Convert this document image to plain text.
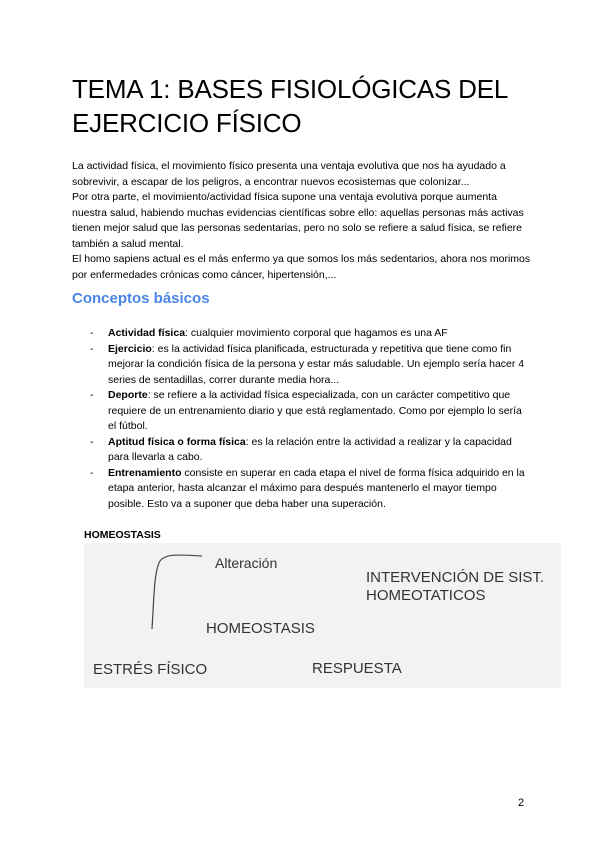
TEMA 1: BASES FISIOLÓGICAS DEL EJERCICIO FÍSICO

La actividad física, el movimiento físico presenta una ventaja evolutiva que nos ha ayudado a sobrevivir, a escapar de los peligros, a encontrar nuevos ecosistemas que colonizar...

Por otra parte, el movimiento/actividad física supone una ventaja evolutiva porque aumenta nuestra salud, habiendo muchas evidencias científicas sobre ello: aquellas personas más activas tienen mejor salud que las personas sedentarias, pero no solo se refiere a salud física, se refiere también a salud mental.

El homo sapiens actual es el más enfermo ya que somos los más sedentarios, ahora nos morimos por enfermedades crónicas como cáncer, hipertensión,...

Conceptos básicos
- Actividad física: cualquier movimiento corporal que hagamos es una AF
- Ejercicio: es la actividad física planificada, estructurada y repetitiva que tiene como fin mejorar la condición física de la persona y estar más saludable. Un ejemplo sería hacer 4 series de sentadillas, correr durante media hora...
- Deporte: se refiere a la actividad física especializada, con un carácter competitivo que requiere de un entrenamiento diario y que está reglamentado. Como por ejemplo lo sería el fútbol.
- Aptitud física o forma física: es la relación entre la actividad a realizar y la capacidad para llevarla a cabo.
- Entrenamiento consiste en superar en cada etapa el nivel de forma física adquirido en la etapa anterior, hasta alcanzar el máximo para después mantenerlo el mayor tiempo posible. Esto va a suponer que deba haber una superación.
HOMEOSTASIS
Alteración
INTERVENCIÓN DE SIST.
HOMEOTATICOS
HOMEOSTASIS
ESTRÉS FÍSICO	RESPUESTA
2
